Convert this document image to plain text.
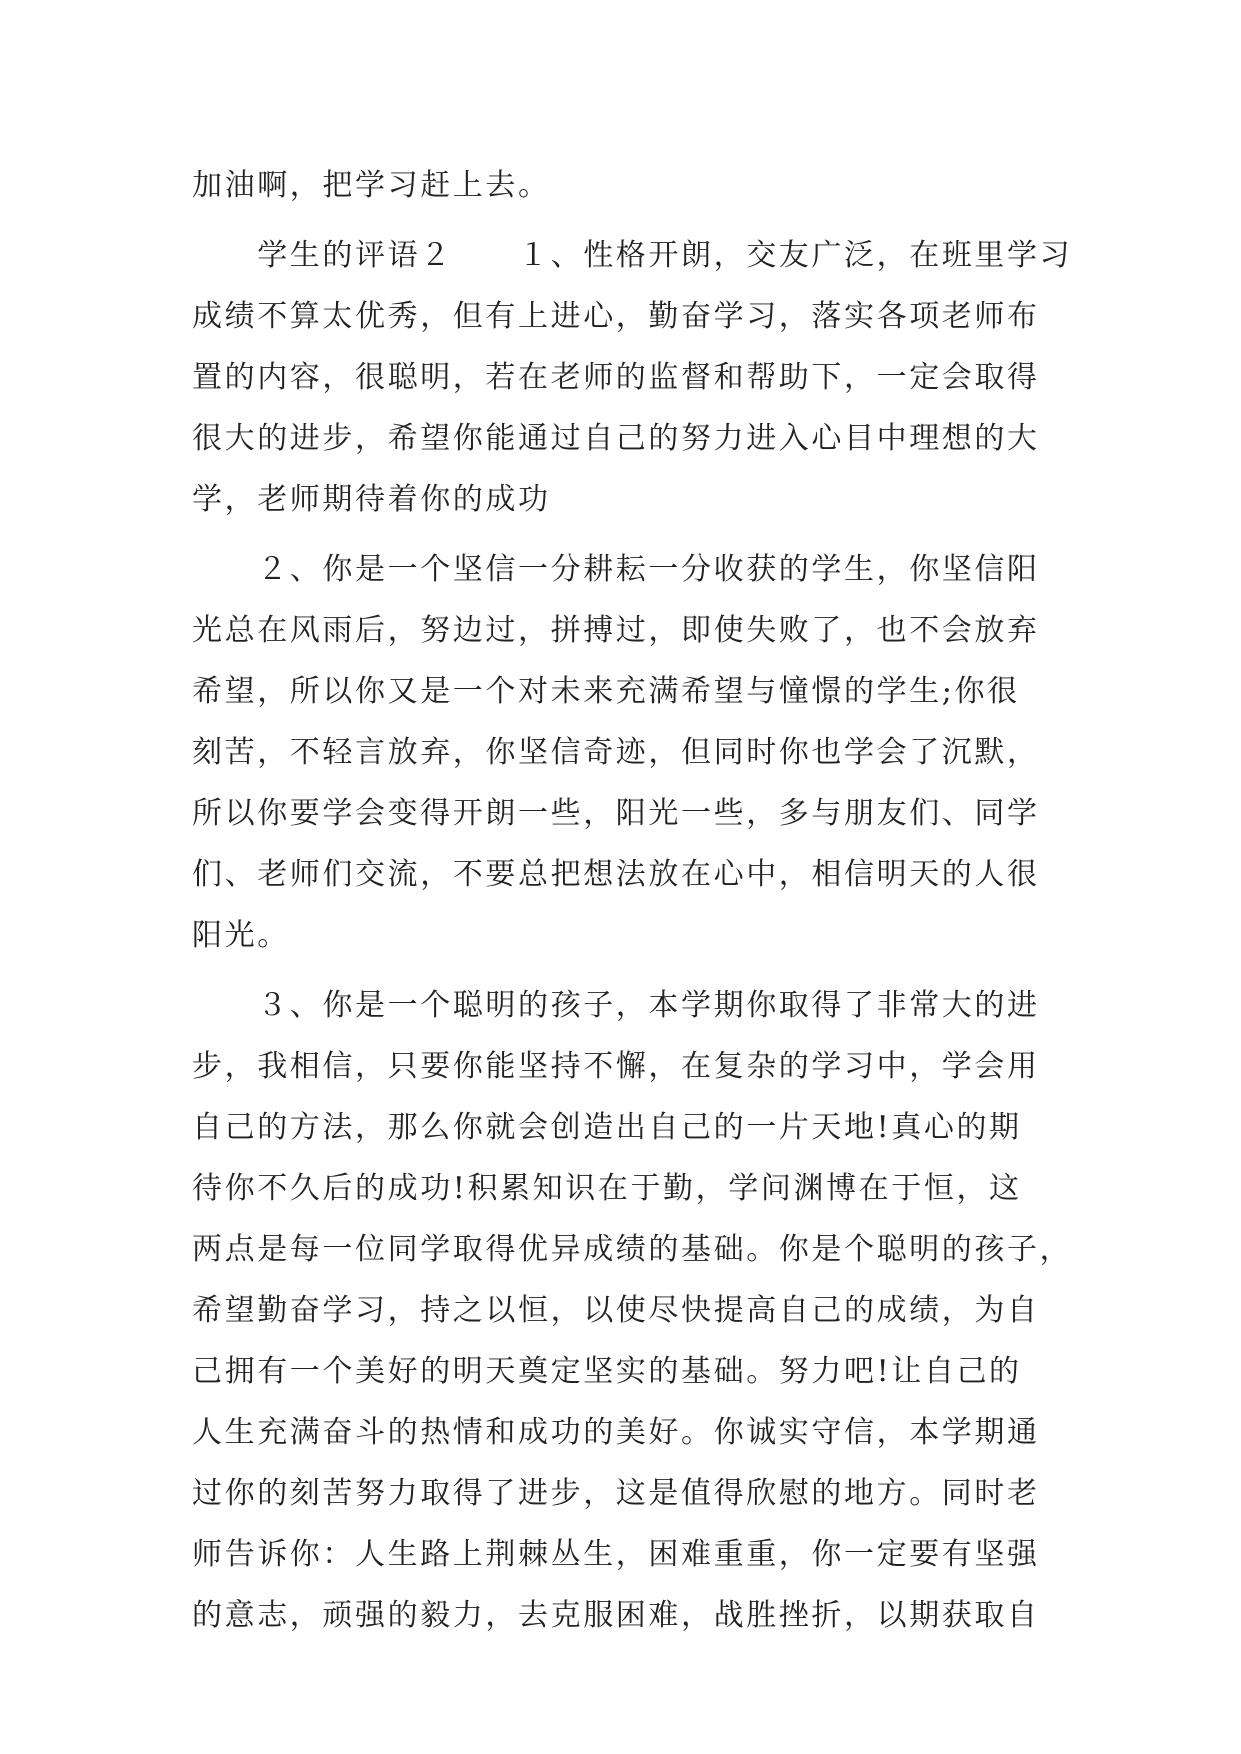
加油啊，把学习赶上去。
　　学生的评语２　　１、性格开朗，交友广泛，在班里学习
成绩不算太优秀，但有上进心，勤奋学习，落实各项老师布
置的内容，很聪明，若在老师的监督和帮助下，一定会取得
很大的进步，希望你能通过自己的努力进入心目中理想的大
学，老师期待着你的成功
　　２、你是一个坚信一分耕耘一分收获的学生，你坚信阳
光总在风雨后，努边过，拼搏过，即使失败了，也不会放弃
希望，所以你又是一个对未来充满希望与憧憬的学生;你很
刻苦，不轻言放弃，你坚信奇迹，但同时你也学会了沉默，
所以你要学会变得开朗一些，阳光一些，多与朋友们、同学
们、老师们交流，不要总把想法放在心中，相信明天的人很
阳光。
　　３、你是一个聪明的孩子，本学期你取得了非常大的进
步，我相信，只要你能坚持不懈，在复杂的学习中，学会用
自己的方法，那么你就会创造出自己的一片天地!真心的期
待你不久后的成功!积累知识在于勤，学问渊博在于恒，这
两点是每一位同学取得优异成绩的基础。你是个聪明的孩子，
希望勤奋学习，持之以恒，以使尽快提高自己的成绩，为自
己拥有一个美好的明天奠定坚实的基础。努力吧!让自己的
人生充满奋斗的热情和成功的美好。你诚实守信，本学期通
过你的刻苦努力取得了进步，这是值得欣慰的地方。同时老
师告诉你：人生路上荆棘丛生，困难重重，你一定要有坚强
的意志，顽强的毅力，去克服困难，战胜挫折，以期获取自
